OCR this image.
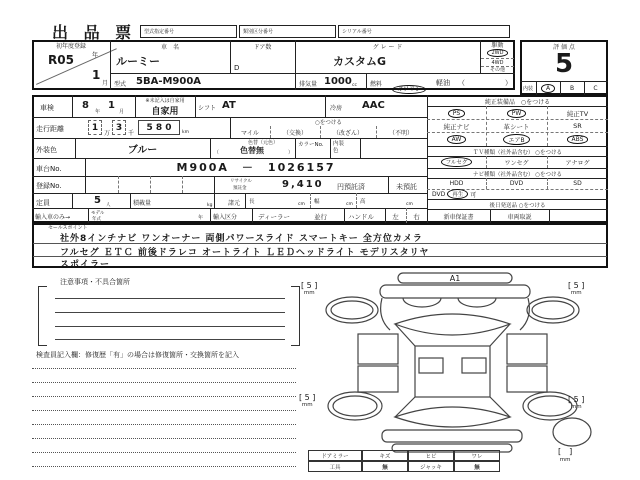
出 品 票	型式指定番号	類別区分番号	シリアル番号
初年度登録
R05	年
1
月
車　名
ルーミー
ドア数
D
グ レ ー ド
カスタムG
駆動
2WD
4WD
その他
型式 5BA-M900A	排気量 1000 cc 燃料
ガソリン
軽油 （	）
評 価 点
5
内装	A	B	C
車検	8
年
1
月
※未記入は自家用
自家用	シフト AT	冷房 AAC
走行距離	1
万
3
千
5 8 0	km
○をつける
マイル	（交換）	（改ざん）	（不明）
外装色	ブルー
色替（元色）
（	色替無	）
カラーNo. 内装色
車台No.	M900A　－　1026157
登録No.
リサイクル
預託金	9,410 円預託済	未預託
定員	5 人	積載量	kg	諸元 長	cm 幅	cm 高	cm
輸入車のみ→
モデル
年式	年 輸入区分	ディーラー	並行	ハンドル	左	右
純正装備品　○をつける
PS	PW	純正TV
純正ナビ	革シート	SR
AW	エアB	ABS
ＴＶ種類（社外品含む） ○をつける
フルセグ	ワンセグ	アナログ
ナビ種類（社外品含む） ○をつける
HDD	DVD	SD
DVD	再生	可
後日発送品 ○をつける
新車保証書	車両取説
セールスポイント
社外8インチナビ ワンオーナー 両側パワースライド スマートキー 全方位カメラ
フルセグ ＥＴＣ 前後ドラレコ オートライト ＬＥＤヘッドライト モデリスタリヤ
スポイラー
注意事項・不具合箇所
検査員記入欄：修復歴「有」の場合は修復箇所・交換箇所を記入
A1
[ 5 ]
mm
[ 5 ]
mm
[ 5 ]
mm
[ 5 ]
mm
[　]
mm
ドアミラー	キズ	ヒビ	ワレ
工具	無	ジャッキ	無
